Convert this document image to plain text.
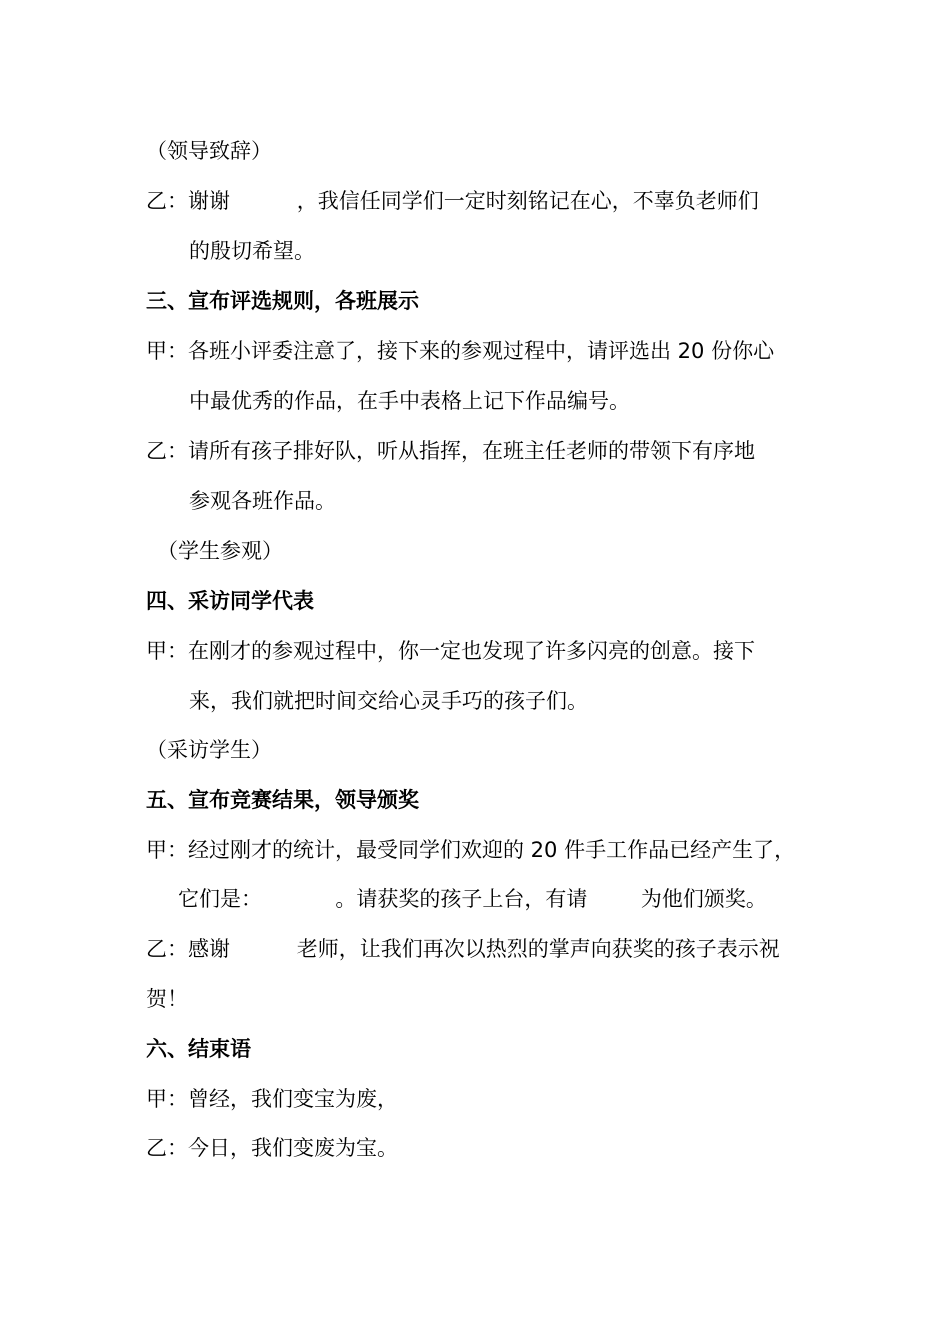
（领导致辞）
乙：谢谢          ，我信任同学们一定时刻铭记在心，不辜负老师们
的殷切希望。
三、宣布评选规则，各班展示
甲：各班小评委注意了，接下来的参观过程中，请评选出 20 份你心
中最优秀的作品，在手中表格上记下作品编号。
乙：请所有孩子排好队，听从指挥，在班主任老师的带领下有序地
参观各班作品。
（学生参观）
四、采访同学代表
甲：在刚才的参观过程中，你一定也发现了许多闪亮的创意。接下
来，我们就把时间交给心灵手巧的孩子们。
（采访学生）
五、宣布竞赛结果，领导颁奖
甲：经过刚才的统计，最受同学们欢迎的 20 件手工作品已经产生了，
它们是：           。请获奖的孩子上台，有请        为他们颁奖。
乙：感谢          老师，让我们再次以热烈的掌声向获奖的孩子表示祝
贺！
六、结束语
甲：曾经，我们变宝为废，
乙：今日，我们变废为宝。
